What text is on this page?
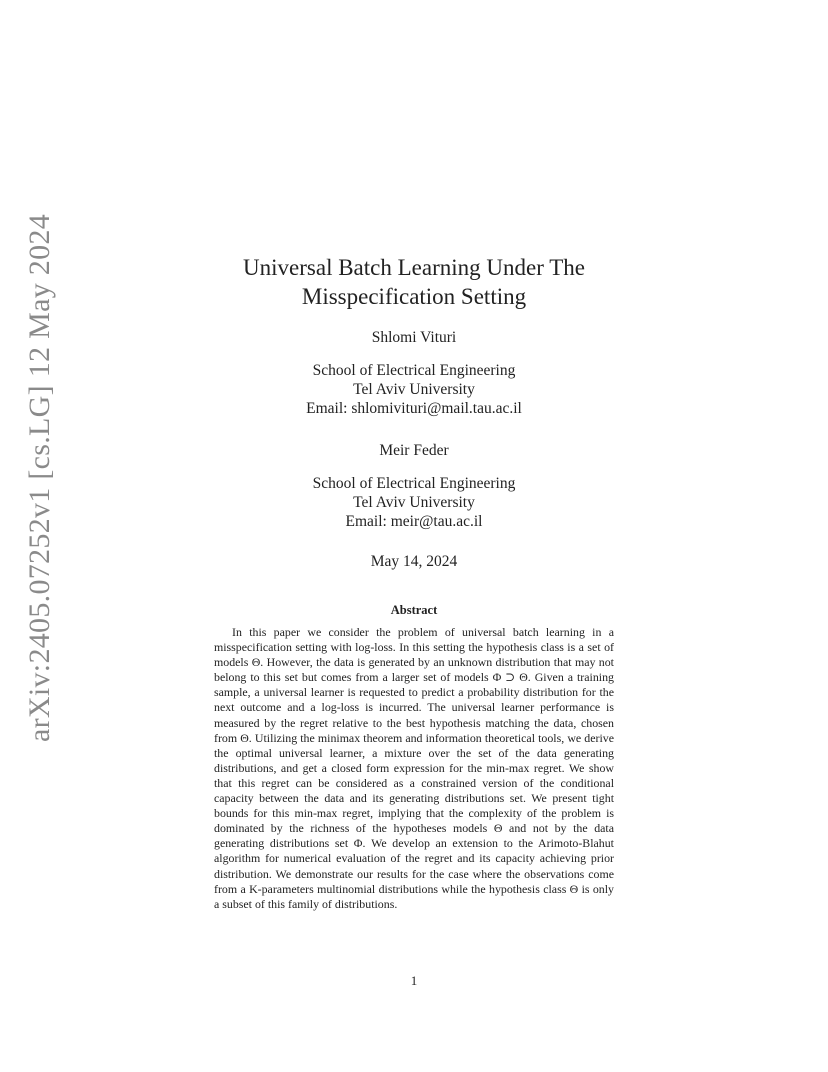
arXiv:2405.07252v1 [cs.LG] 12 May 2024	Universal Batch Learning Under The Misspecification Setting
Shlomi Vituri
School of Electrical Engineering
Tel Aviv University
Email: shlomivituri@mail.tau.ac.il
Meir Feder
School of Electrical Engineering
Tel Aviv University
Email: meir@tau.ac.il
May 14, 2024
Abstract
In this paper we consider the problem of universal batch learning in a misspecification setting with log-loss. In this setting the hypothesis class is a set of models Θ. However, the data is generated by an unknown distribution that may not belong to this set but comes from a larger set of models Φ ⊃ Θ. Given a training sample, a universal learner is requested to predict a probability distribution for the next outcome and a log-loss is incurred. The universal learner performance is measured by the regret relative to the best hypothesis matching the data, chosen from Θ. Utilizing the minimax theorem and information theoretical tools, we derive the optimal universal learner, a mixture over the set of the data generating distributions, and get a closed form expression for the min-max regret. We show that this regret can be considered as a constrained version of the conditional capacity between the data and its generating distributions set. We present tight bounds for this min-max regret, implying that the complexity of the problem is dominated by the richness of the hypotheses models Θ and not by the data generating distributions set Φ. We develop an extension to the Arimoto-Blahut algorithm for numerical evaluation of the regret and its capacity achieving prior distribution. We demonstrate our results for the case where the observations come from a K-parameters multinomial distributions while the hypothesis class Θ is only a subset of this family of distributions.
1
